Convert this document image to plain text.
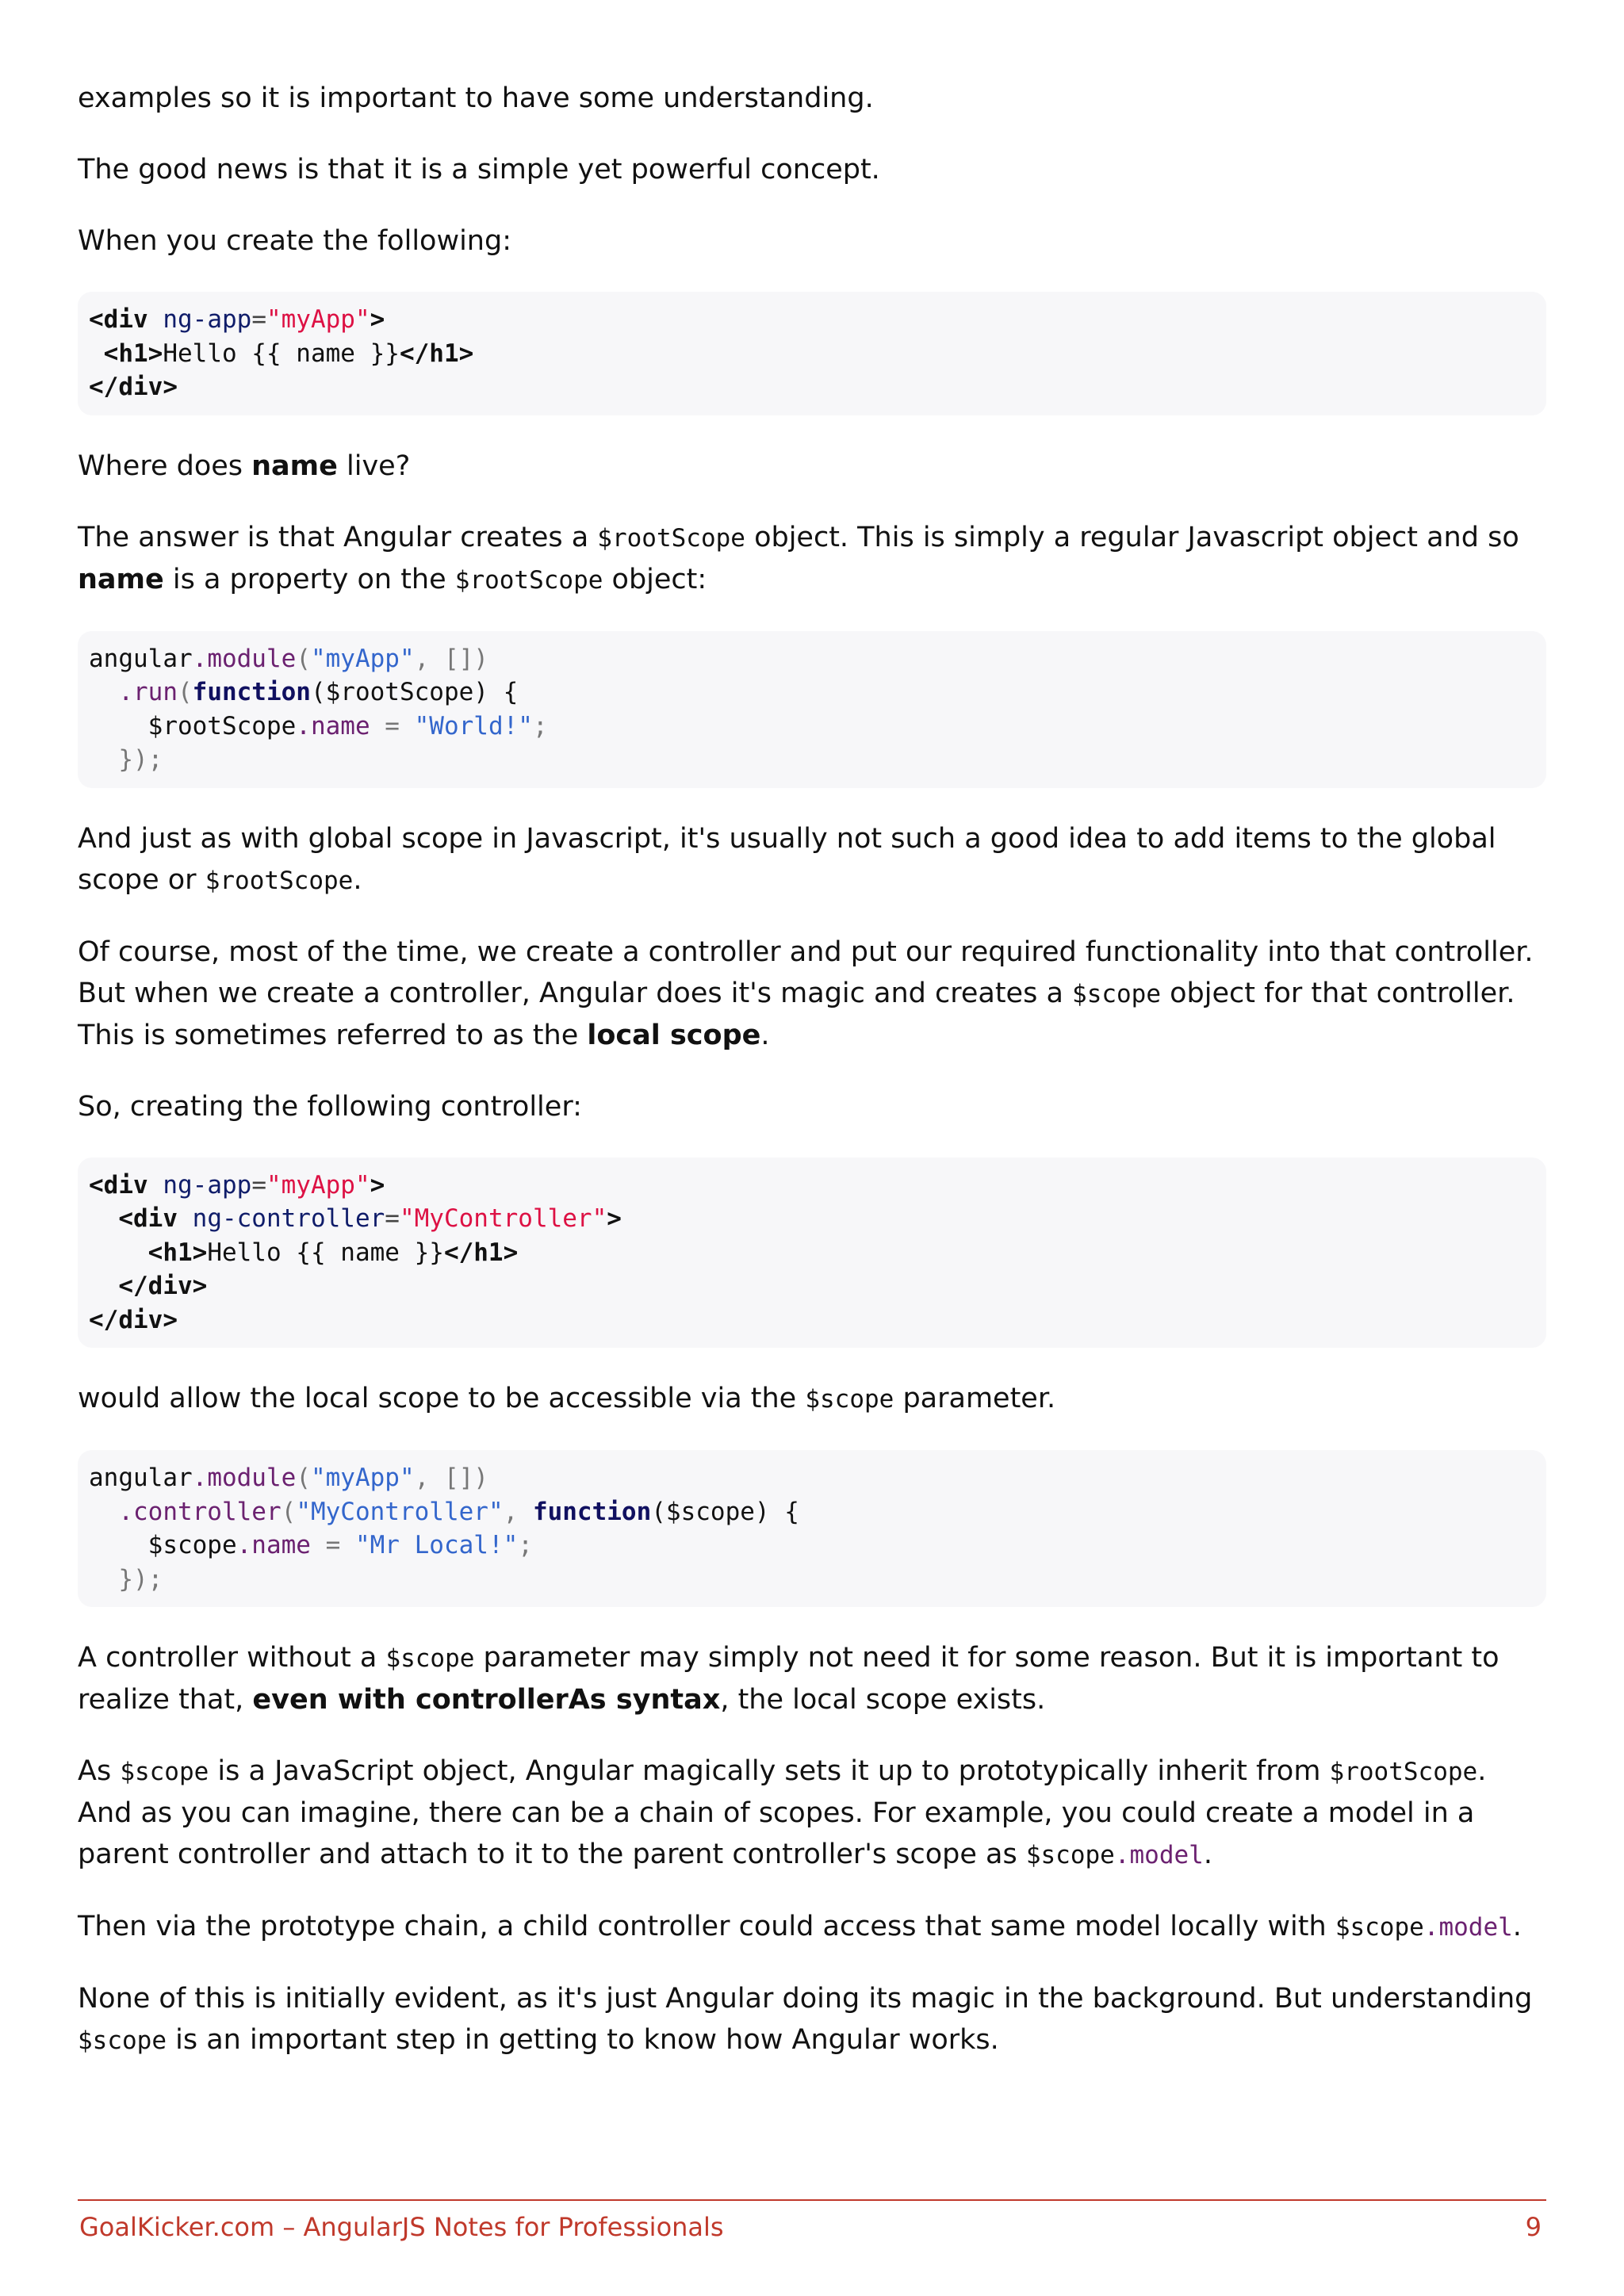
examples so it is important to have some understanding.

The good news is that it is a simple yet powerful concept.

When you create the following:

<div ng-app="myApp">
<h1>Hello {{ name }}</h1>
</div>

Where does name live?

The answer is that Angular creates a $rootScope object. This is simply a regular Javascript object and so name is a property on the $rootScope object:

angular.module("myApp", [])
.run(function($rootScope) {
$rootScope.name = "World!";
});

And just as with global scope in Javascript, it's usually not such a good idea to add items to the global scope or $rootScope.

Of course, most of the time, we create a controller and put our required functionality into that controller. But when we create a controller, Angular does it's magic and creates a $scope object for that controller. This is sometimes referred to as the local scope.

So, creating the following controller:

<div ng-app="myApp">
<div ng-controller="MyController">
<h1>Hello {{ name }}</h1>
</div>
</div>

would allow the local scope to be accessible via the $scope parameter.

angular.module("myApp", [])
.controller("MyController", function($scope) {
$scope.name = "Mr Local!";
});

A controller without a $scope parameter may simply not need it for some reason. But it is important to realize that, even with controllerAs syntax, the local scope exists.

As $scope is a JavaScript object, Angular magically sets it up to prototypically inherit from $rootScope. And as you can imagine, there can be a chain of scopes. For example, you could create a model in a parent controller and attach to it to the parent controller's scope as $scope.model.

Then via the prototype chain, a child controller could access that same model locally with $scope.model.

None of this is initially evident, as it's just Angular doing its magic in the background. But understanding $scope is an important step in getting to know how Angular works.

GoalKicker.com – AngularJS Notes for Professionals	9
